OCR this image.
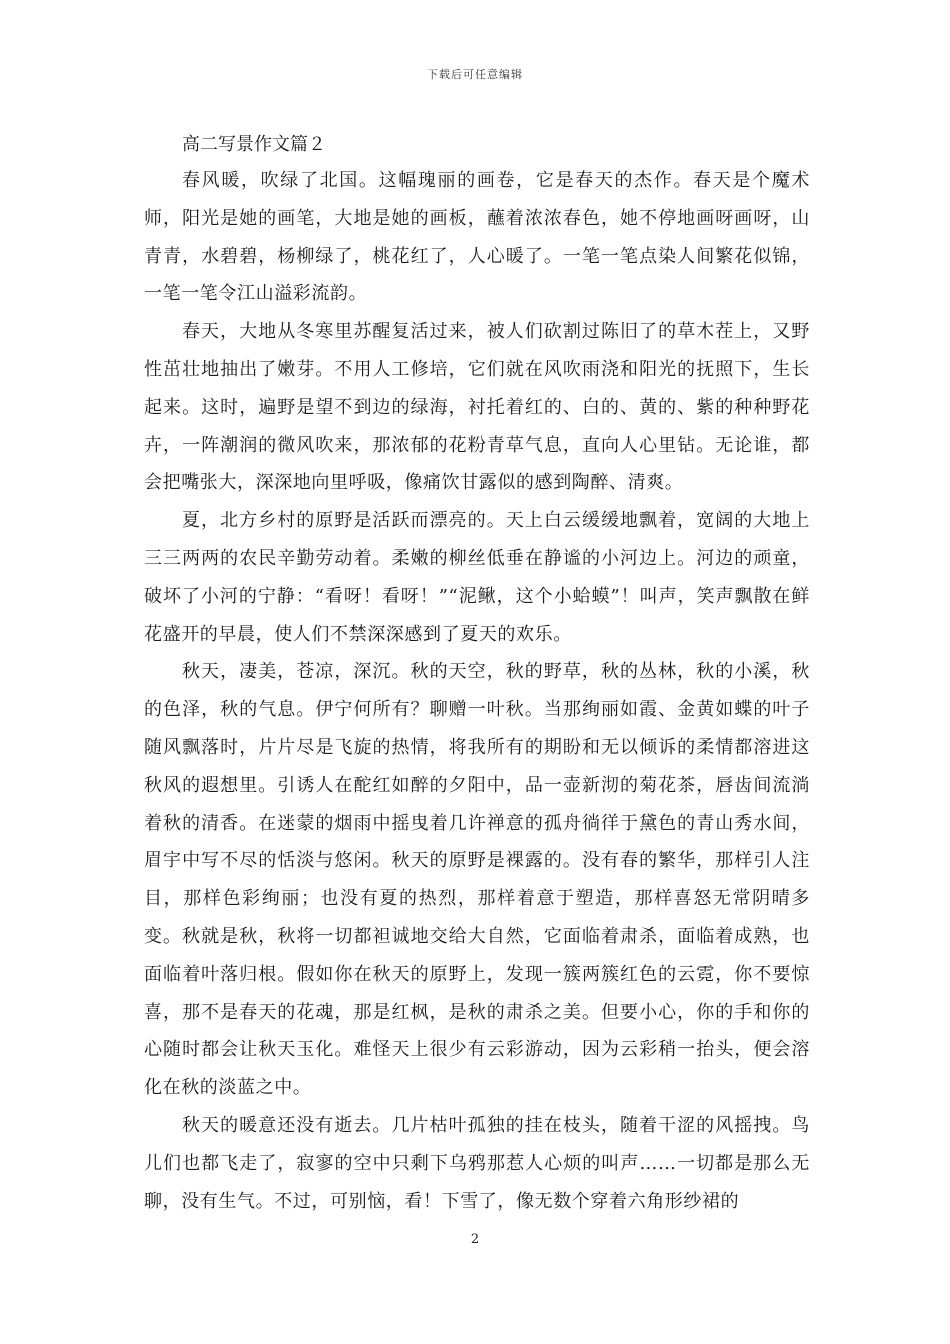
下载后可任意编辑
高二写景作文篇２

春风暖，吹绿了北国。这幅瑰丽的画卷，它是春天的杰作。春天是个魔术师，阳光是她的画笔，大地是她的画板，蘸着浓浓春色，她不停地画呀画呀，山青青，水碧碧，杨柳绿了，桃花红了，人心暖了。一笔一笔点染人间繁花似锦，一笔一笔令江山溢彩流韵。

春天，大地从冬寒里苏醒复活过来，被人们砍割过陈旧了的草木茬上，又野性茁壮地抽出了嫩芽。不用人工修培，它们就在风吹雨浇和阳光的抚照下，生长起来。这时，遍野是望不到边的绿海，衬托着红的、白的、黄的、紫的种种野花卉，一阵潮润的微风吹来，那浓郁的花粉青草气息，直向人心里钻。无论谁，都会把嘴张大，深深地向里呼吸，像痛饮甘露似的感到陶醉、清爽。

夏，北方乡村的原野是活跃而漂亮的。天上白云缓缓地飘着，宽阔的大地上三三两两的农民辛勤劳动着。柔嫩的柳丝低垂在静谧的小河边上。河边的顽童，破坏了小河的宁静：“看呀！看呀！”“泥鳅，这个小蛤蟆”！叫声，笑声飘散在鲜花盛开的早晨，使人们不禁深深感到了夏天的欢乐。

秋天，凄美，苍凉，深沉。秋的天空，秋的野草，秋的丛林，秋的小溪，秋的色泽，秋的气息。伊宁何所有？聊赠一叶秋。当那绚丽如霞、金黄如蝶的叶子随风飘落时，片片尽是飞旋的热情，将我所有的期盼和无以倾诉的柔情都溶进这秋风的遐想里。引诱人在酡红如醉的夕阳中，品一壶新沏的菊花茶，唇齿间流淌着秋的清香。在迷蒙的烟雨中摇曳着几许禅意的孤舟徜徉于黛色的青山秀水间，眉宇中写不尽的恬淡与悠闲。秋天的原野是裸露的。没有春的繁华，那样引人注目，那样色彩绚丽；也没有夏的热烈，那样着意于塑造，那样喜怒无常阴晴多变。秋就是秋，秋将一切都袒诚地交给大自然，它面临着肃杀，面临着成熟，也面临着叶落归根。假如你在秋天的原野上，发现一簇两簇红色的云霓，你不要惊喜，那不是春天的花魂，那是红枫，是秋的肃杀之美。但要小心，你的手和你的心随时都会让秋天玉化。难怪天上很少有云彩游动，因为云彩稍一抬头，便会溶化在秋的淡蓝之中。

秋天的暖意还没有逝去。几片枯叶孤独的挂在枝头，随着干涩的风摇拽。鸟儿们也都飞走了，寂寥的空中只剩下乌鸦那惹人心烦的叫声……一切都是那么无聊，没有生气。不过，可别恼，看！下雪了，像无数个穿着六角形纱裙的

2
